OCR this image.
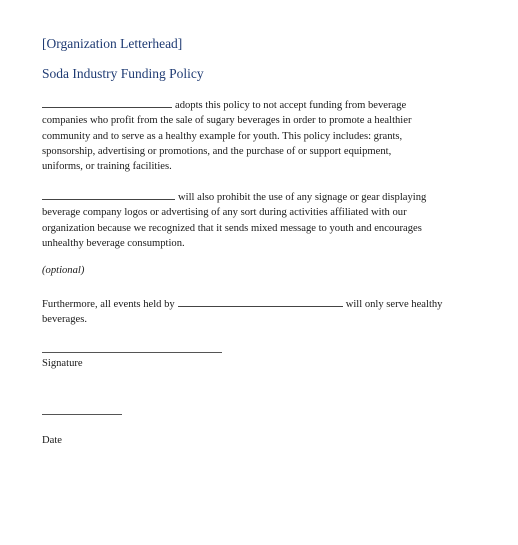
[Organization Letterhead]
Soda Industry Funding Policy
adopts this policy to not accept funding from beverage
companies who profit from the sale of sugary beverages in order to promote a healthier
community and to serve as a healthy example for youth. This policy includes: grants,
sponsorship, advertising or promotions, and the purchase of or support equipment,
uniforms, or training facilities.
will also prohibit the use of any signage or gear displaying
beverage company logos or advertising of any sort during activities affiliated with our
organization because we recognized that it sends mixed message to youth and encourages
unhealthy beverage consumption.
(optional)
Furthermore, all events held by	will only serve healthy
beverages.
Signature
Date
